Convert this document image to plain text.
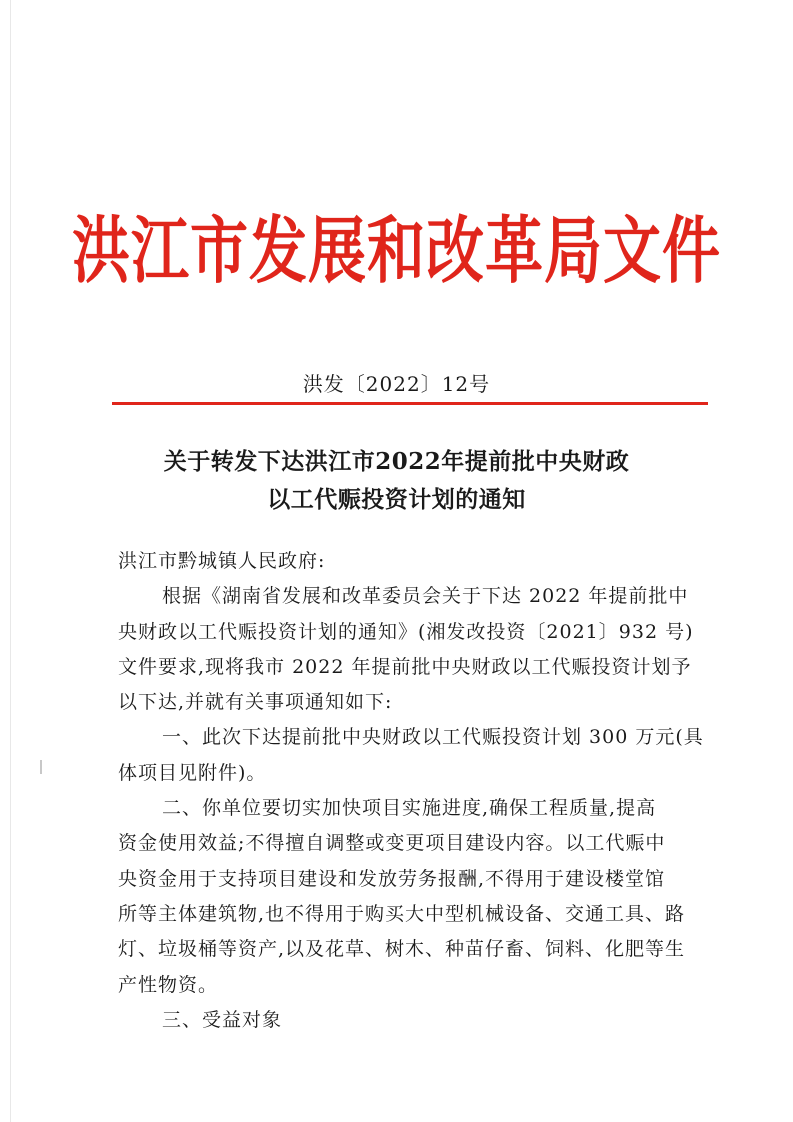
洪江市发展和改革局文件
洪发〔2022〕12号
关于转发下达洪江市2022年提前批中央财政
以工代赈投资计划的通知
洪江市黔城镇人民政府:
根据《湖南省发展和改革委员会关于下达 2022 年提前批中
央财政以工代赈投资计划的通知》(湘发改投资〔2021〕932 号)
文件要求,现将我市 2022 年提前批中央财政以工代赈投资计划予
以下达,并就有关事项通知如下:
一、此次下达提前批中央财政以工代赈投资计划 300 万元(具
体项目见附件)。
二、你单位要切实加快项目实施进度,确保工程质量,提高
资金使用效益;不得擅自调整或变更项目建设内容。以工代赈中
央资金用于支持项目建设和发放劳务报酬,不得用于建设楼堂馆
所等主体建筑物,也不得用于购买大中型机械设备、交通工具、路
灯、垃圾桶等资产,以及花草、树木、种苗仔畜、饲料、化肥等生
产性物资。
三、受益对象
